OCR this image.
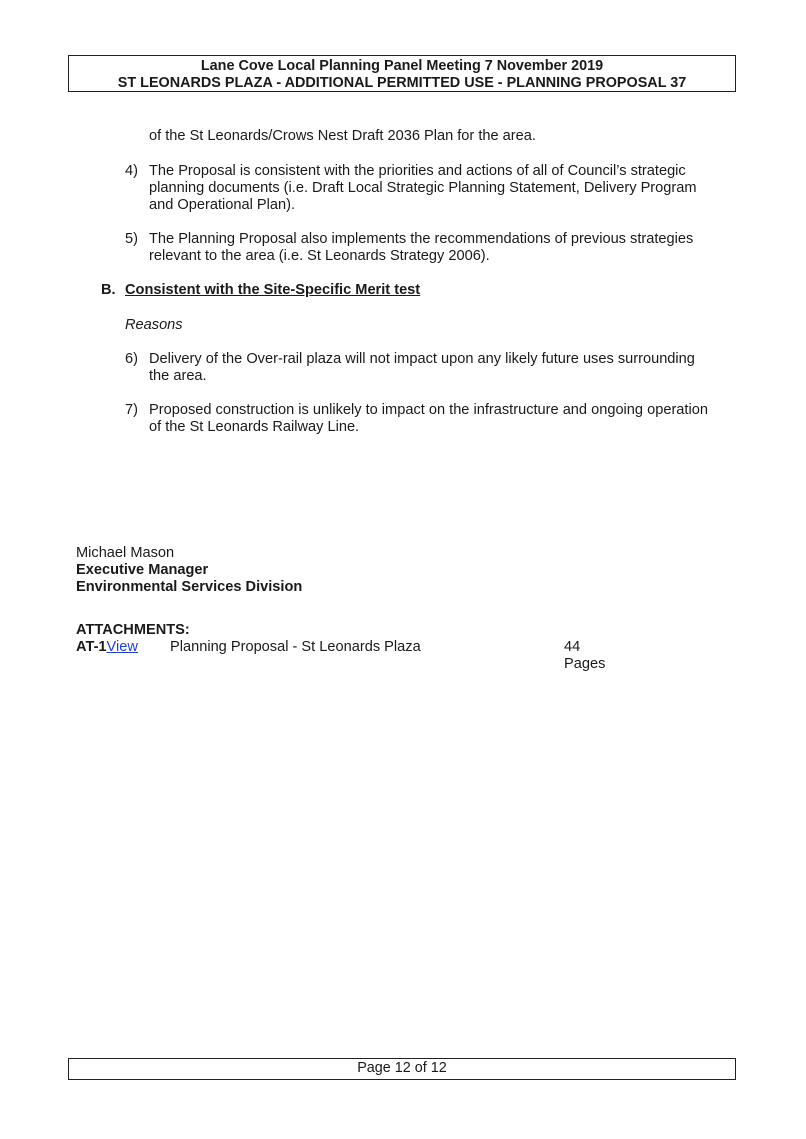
Lane Cove Local Planning Panel Meeting 7 November 2019
ST LEONARDS PLAZA - ADDITIONAL PERMITTED USE - PLANNING PROPOSAL 37
of the St Leonards/Crows Nest Draft 2036 Plan for the area.
4) The Proposal is consistent with the priorities and actions of all of Council’s strategic
planning documents (i.e. Draft Local Strategic Planning Statement, Delivery Program
and Operational Plan).
5) The Planning Proposal also implements the recommendations of previous strategies
relevant to the area (i.e. St Leonards Strategy 2006).
B. Consistent with the Site-Specific Merit test
Reasons
6) Delivery of the Over-rail plaza will not impact upon any likely future uses surrounding
the area.
7) Proposed construction is unlikely to impact on the infrastructure and ongoing operation
of the St Leonards Railway Line.
Michael Mason
Executive Manager
Environmental Services Division
ATTACHMENTS:
AT-1View Planning Proposal - St Leonards Plaza	44
Pages
Page 12 of 12
